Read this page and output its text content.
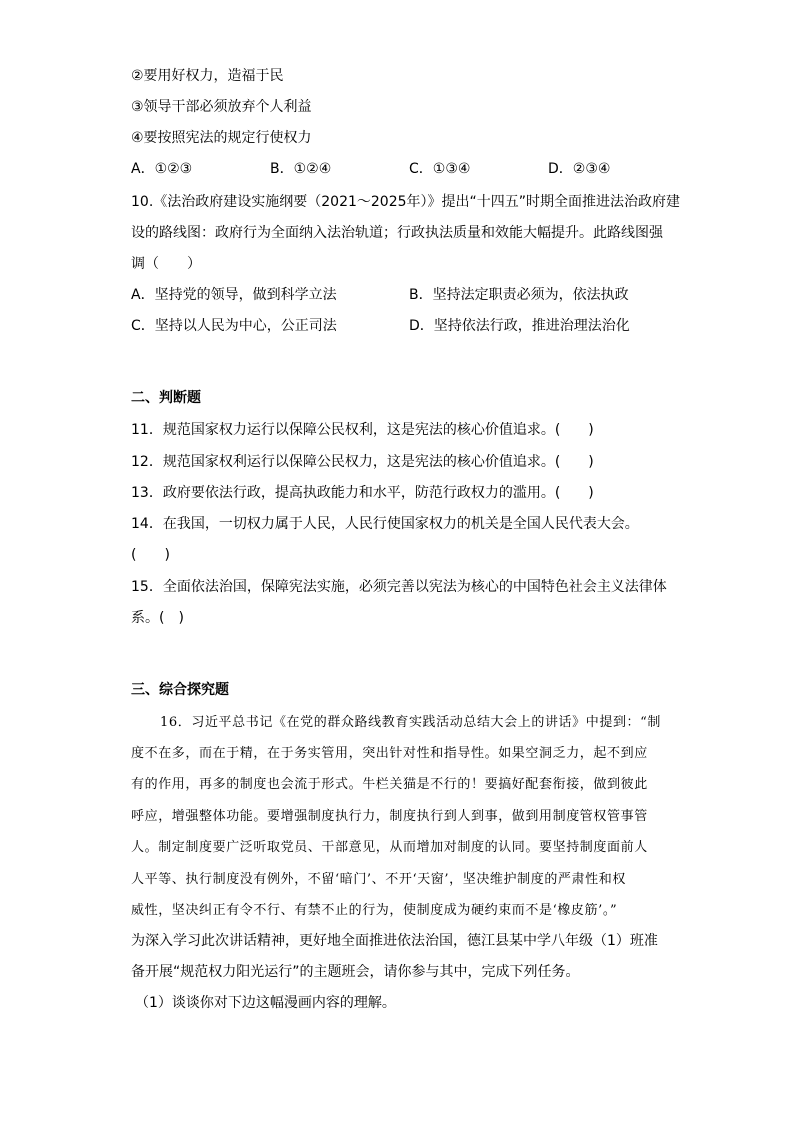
②要用好权力，造福于民
③领导干部必须放弃个人利益
④要按照宪法的规定行使权力
A．①②③	B．①②④	C．①③④	D．②③④
10.《法治政府建设实施纲要（2021～2025年）》提出“十四五”时期全面推进法治政府建
设的路线图：政府行为全面纳入法治轨道；行政执法质量和效能大幅提升。此路线图强
调（　　）
A．坚持党的领导，做到科学立法	B．坚持法定职责必须为，依法执政
C．坚持以人民为中心，公正司法	D．坚持依法行政，推进治理法治化
二、判断题
11．规范国家权力运行以保障公民权利，这是宪法的核心价值追求。(　　)
12．规范国家权利运行以保障公民权力，这是宪法的核心价值追求。(　　)
13．政府要依法行政，提高执政能力和水平，防范行政权力的滥用。(　　)
14．在我国，一切权力属于人民，人民行使国家权力的机关是全国人民代表大会。
(　　)
15．全面依法治国，保障宪法实施，必须完善以宪法为核心的中国特色社会主义法律体
系。(　)
三、综合探究题
16．习近平总书记《在党的群众路线教育实践活动总结大会上的讲话》中提到：“制
度不在多，而在于精，在于务实管用，突出针对性和指导性。如果空洞乏力，起不到应
有的作用，再多的制度也会流于形式。牛栏关猫是不行的！要搞好配套衔接，做到彼此
呼应，增强整体功能。要增强制度执行力，制度执行到人到事，做到用制度管权管事管
人。制定制度要广泛听取党员、干部意见，从而增加对制度的认同。要坚持制度面前人
人平等、执行制度没有例外，不留‘暗门’、不开‘天窗’，坚决维护制度的严肃性和权
威性，坚决纠正有令不行、有禁不止的行为，使制度成为硬约束而不是‘橡皮筋’。”
为深入学习此次讲话精神，更好地全面推进依法治国，德江县某中学八年级（1）班准
备开展“规范权力阳光运行”的主题班会，请你参与其中，完成下列任务。
（1）谈谈你对下边这幅漫画内容的理解。
